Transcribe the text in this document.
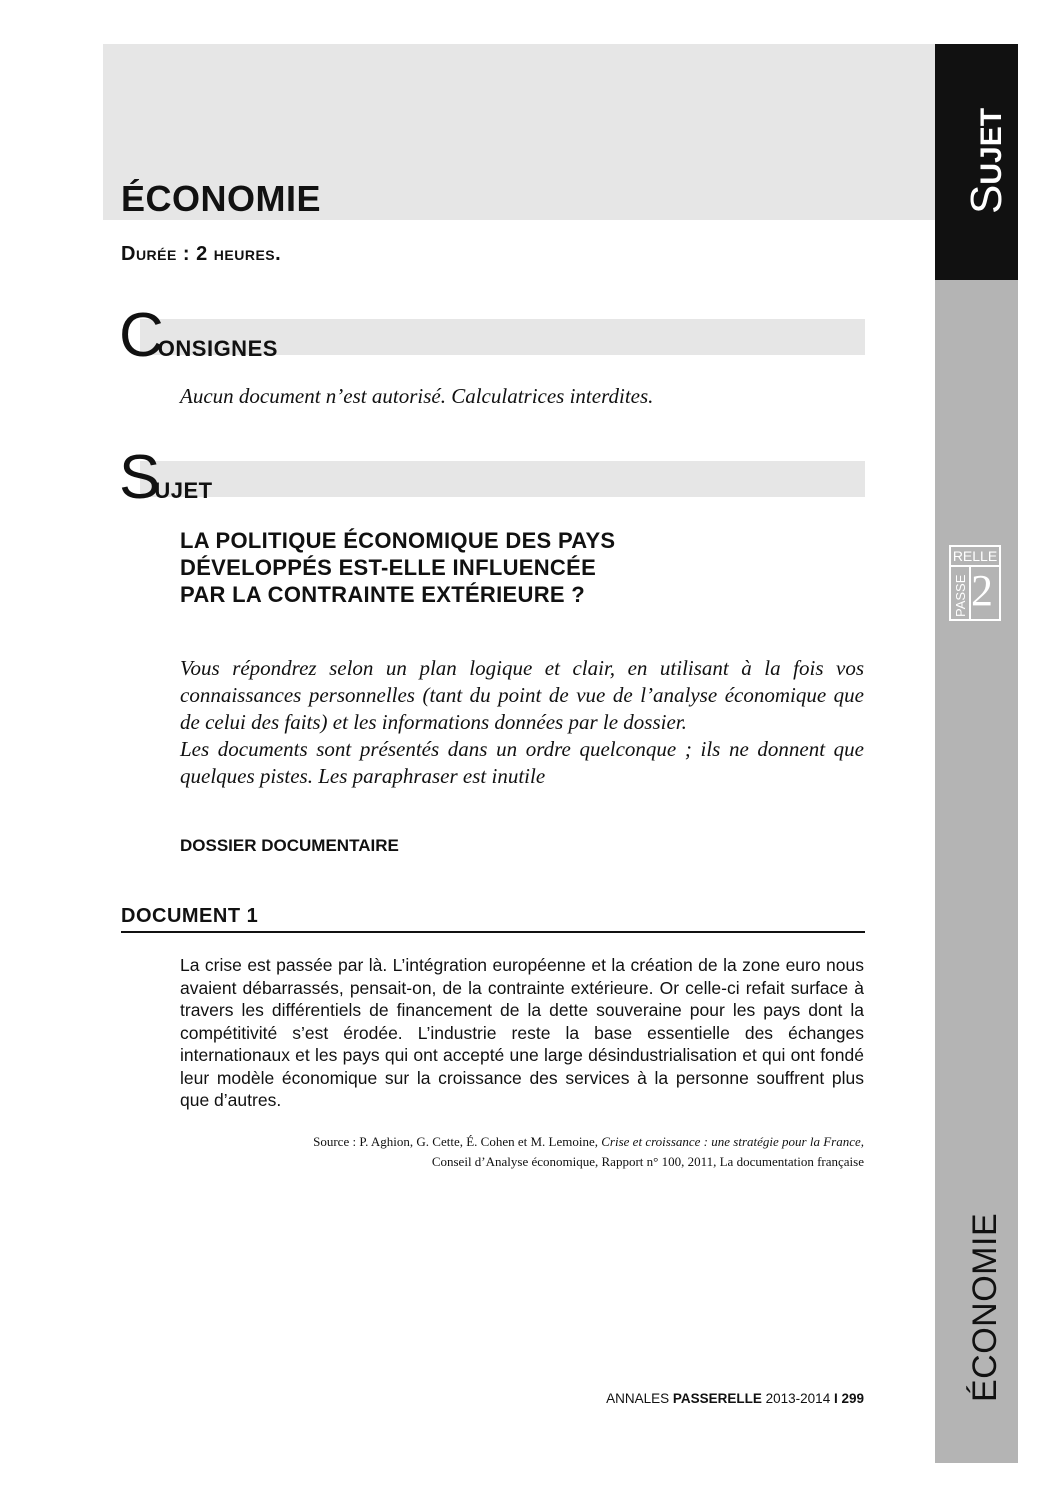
ÉCONOMIE
Durée : 2 heures.
SUJET
RELLE
PASSE 2
ÉCONOMIE
CONSIGNES
Aucun document n’est autorisé. Calculatrices interdites.
SUJET
LA POLITIQUE ÉCONOMIQUE DES PAYS
DÉVELOPPÉS EST-ELLE INFLUENCÉE
PAR LA CONTRAINTE EXTÉRIEURE ?

Vous répondrez selon un plan logique et clair, en utilisant à la fois vos connaissances personnelles (tant du point de vue de l’analyse économique que de celui des faits) et les informations données par le dossier.

Les documents sont présentés dans un ordre quelconque ; ils ne donnent que quelques pistes. Les paraphraser est inutile

DOSSIER DOCUMENTAIRE
DOCUMENT 1
La crise est passée par là. L’intégration européenne et la création de la zone euro nous avaient débarrassés, pensait-on, de la contrainte extérieure. Or celle-ci refait surface à travers les différentiels de financement de la dette souveraine pour les pays dont la compétitivité s’est érodée. L’industrie reste la base essentielle des échanges internationaux et les pays qui ont accepté une large désindustrialisation et qui ont fondé leur modèle économique sur la croissance des services à la personne souffrent plus que d’autres.
Source : P. Aghion, G. Cette, É. Cohen et M. Lemoine, Crise et croissance : une stratégie pour la France,
Conseil d’Analyse économique, Rapport n° 100, 2011, La documentation française
ANNALES PASSERELLE 2013-2014 I 299
